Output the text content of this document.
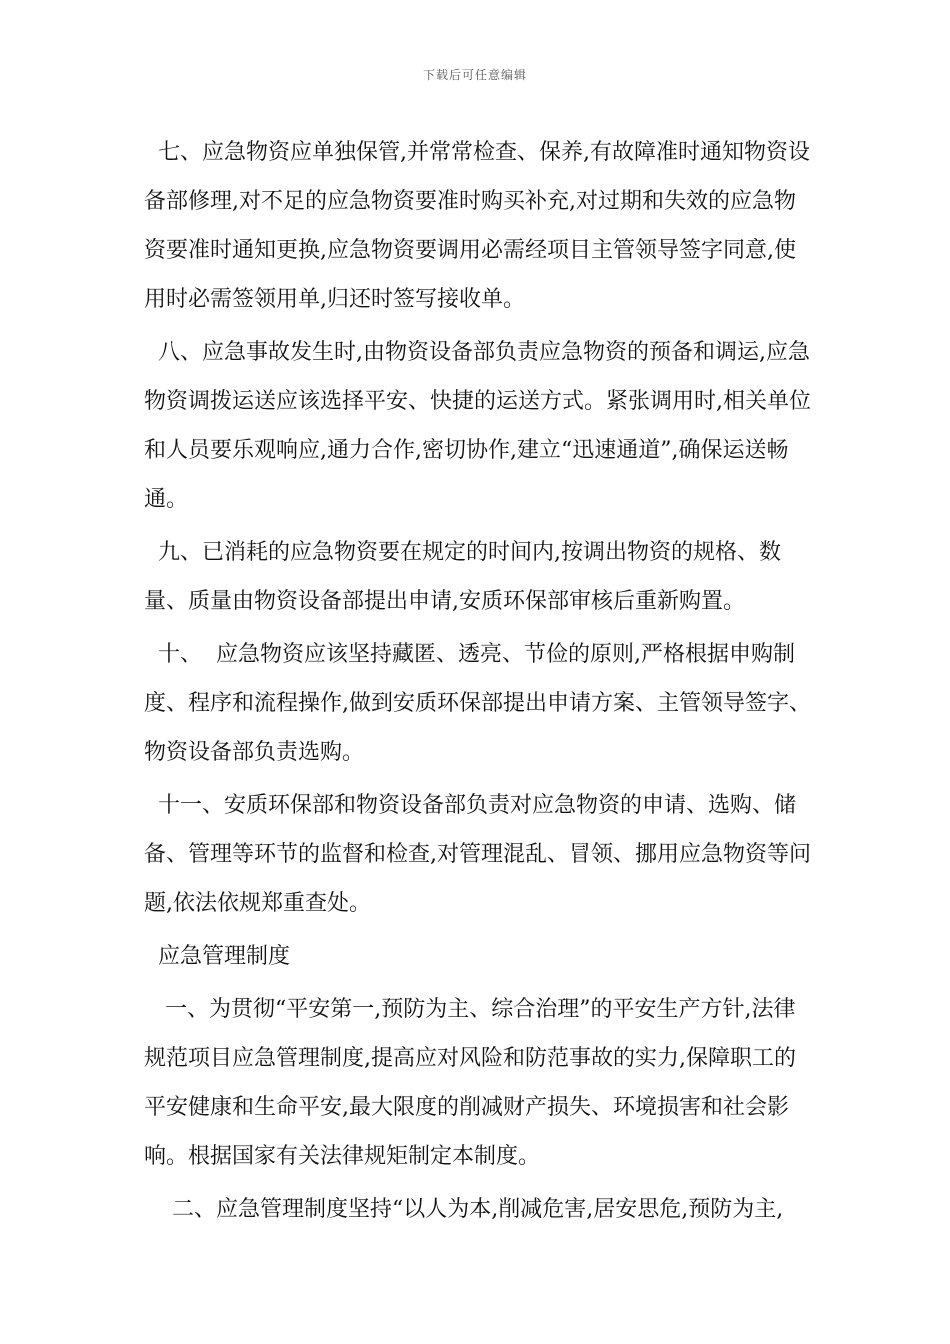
下载后可任意编辑

七、应急物资应单独保管,并常常检查、保养,有故障准时通知物资设备部修理,对不足的应急物资要准时购买补充,对过期和失效的应急物资要准时通知更换,应急物资要调用必需经项目主管领导签字同意,使用时必需签领用单,归还时签写接收单。

八、应急事故发生时,由物资设备部负责应急物资的预备和调运,应急物资调拨运送应该选择平安、快捷的运送方式。紧张调用时,相关单位和人员要乐观响应,通力合作,密切协作,建立“迅速通道”,确保运送畅通。

九、已消耗的应急物资要在规定的时间内,按调出物资的规格、数量、质量由物资设备部提出申请,安质环保部审核后重新购置。

十、  应急物资应该坚持藏匿、透亮、节俭的原则,严格根据申购制度、程序和流程操作,做到安质环保部提出申请方案、主管领导签字、物资设备部负责选购。

十一、安质环保部和物资设备部负责对应急物资的申请、选购、储备、管理等环节的监督和检查,对管理混乱、冒领、挪用应急物资等问题,依法依规郑重查处。

应急管理制度

一、为贯彻“平安第一,预防为主、综合治理”的平安生产方针,法律规范项目应急管理制度,提高应对风险和防范事故的实力,保障职工的平安健康和生命平安,最大限度的削减财产损失、环境损害和社会影响。根据国家有关法律规矩制定本制度。

二、应急管理制度坚持“以人为本,削减危害,居安思危,预防为主,
